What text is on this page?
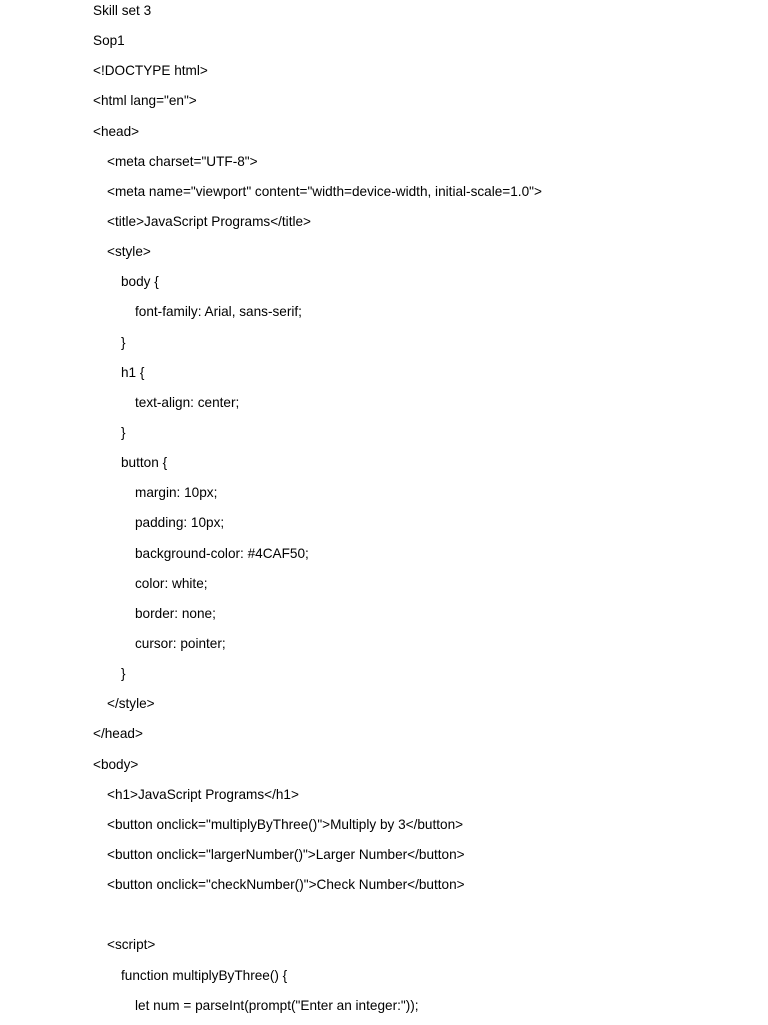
Skill set 3
Sop1
<!DOCTYPE html>
<html lang="en">
<head>
<meta charset="UTF-8">
<meta name="viewport" content="width=device-width, initial-scale=1.0">
<title>JavaScript Programs</title>
<style>
body {
font-family: Arial, sans-serif;
}
h1 {
text-align: center;
}
button {
margin: 10px;
padding: 10px;
background-color: #4CAF50;
color: white;
border: none;
cursor: pointer;
}
</style>
</head>
<body>
<h1>JavaScript Programs</h1>
<button onclick="multiplyByThree()">Multiply by 3</button>
<button onclick="largerNumber()">Larger Number</button>
<button onclick="checkNumber()">Check Number</button>
<script>
function multiplyByThree() {
let num = parseInt(prompt("Enter an integer:"));
